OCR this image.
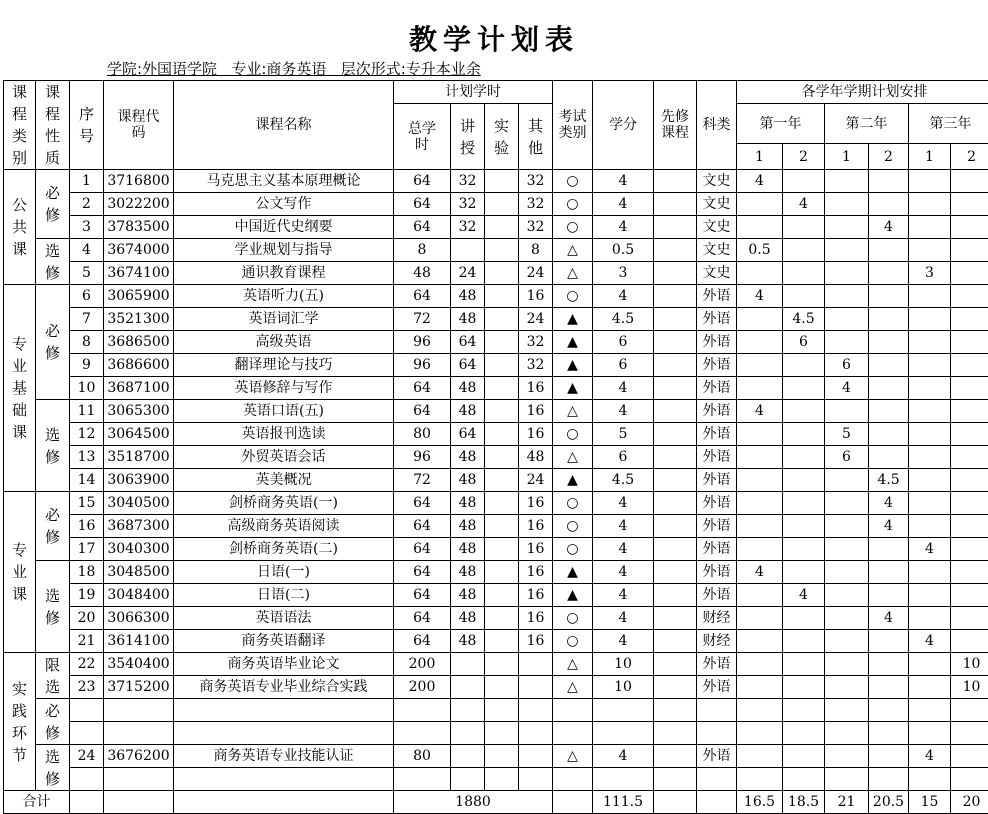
教学计划表
学院:外国语学院   专业:商务英语   层次形式:专升本业余
课程类别	课程性质	序号	课程代码	课程名称	计划学时				考试类别	学分	先修课程	科类	各学年学期计划安排					

					总学时	讲授	实验	其他					第一年		第二年		第三年	
													1	2	1	2	1	2
公共课	必修	1	3716800	马克思主义基本原理概论	64	32		32	○	4		文史	4					
		2	3022200	公文写作	64	32		32	○	4		文史		4				
		3	3783500	中国近代史纲要	64	32		32	○	4		文史				4		
	选修	4	3674000	学业规划与指导	8			8	△	0.5		文史	0.5					
		5	3674100	通识教育课程	48	24		24	△	3		文史					3	
专业基础课	必修	6	3065900	英语听力(五)	64	48		16	○	4		外语	4					
		7	3521300	英语词汇学	72	48		24	▲	4.5		外语		4.5				
		8	3686500	高级英语	96	64		32	▲	6		外语		6				
		9	3686600	翻译理论与技巧	96	64		32	▲	6		外语			6			
		10	3687100	英语修辞与写作	64	48		16	▲	4		外语			4			
	选修	11	3065300	英语口语(五)	64	48		16	△	4		外语	4					
		12	3064500	英语报刊选读	80	64		16	○	5		外语			5			
		13	3518700	外贸英语会话	96	48		48	△	6		外语			6			
		14	3063900	英美概况	72	48		24	▲	4.5		外语				4.5		
专业课	必修	15	3040500	剑桥商务英语(一)	64	48		16	○	4		外语				4		
		16	3687300	高级商务英语阅读	64	48		16	○	4		外语				4		
		17	3040300	剑桥商务英语(二)	64	48		16	○	4		外语					4	
	选修	18	3048500	日语(一)	64	48		16	▲	4		外语	4					
		19	3048400	日语(二)	64	48		16	▲	4		外语		4				
		20	3066300	英语语法	64	48		16	○	4		财经				4		
		21	3614100	商务英语翻译	64	48		16	○	4		财经					4	
实践环节	限选	22	3540400	商务英语毕业论文	200				△	10		外语						10
		23	3715200	商务英语专业毕业综合实践	200				△	10		外语						10
	必修																	

	选修	24	3676200	商务英语专业技能认证	80				△	4		外语					4	

合计					1880					111.5			16.5	18.5	21	20.5	15	20
